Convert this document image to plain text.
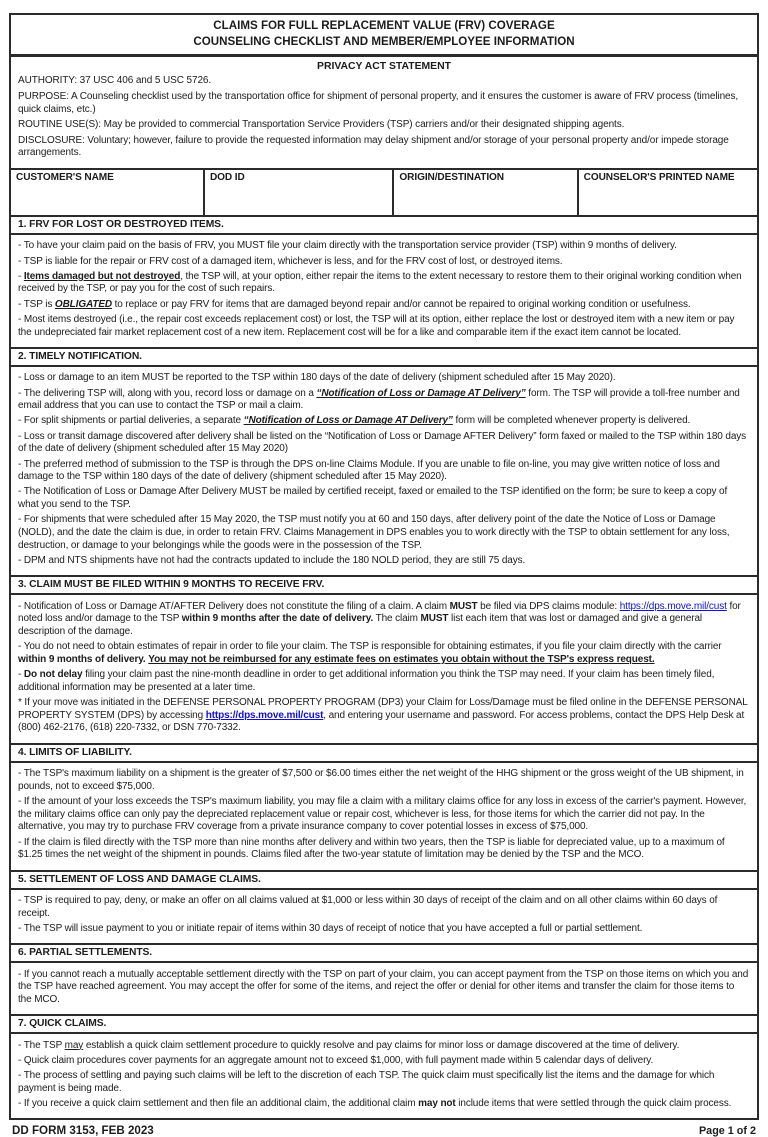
CLAIMS FOR FULL REPLACEMENT VALUE (FRV) COVERAGE
COUNSELING CHECKLIST AND MEMBER/EMPLOYEE INFORMATION
PRIVACY ACT STATEMENT

AUTHORITY: 37 USC 406 and 5 USC 5726.

PURPOSE: A Counseling checklist used by the transportation office for shipment of personal property, and it ensures the customer is aware of FRV process (timelines, quick claims, etc.)

ROUTINE USE(S): May be provided to commercial Transportation Service Providers (TSP) carriers and/or their designated shipping agents.

DISCLOSURE: Voluntary; however, failure to provide the requested information may delay shipment and/or storage of your personal property and/or impede storage arrangements.

CUSTOMER'S NAME	DOD ID	ORIGIN/DESTINATION	COUNSELOR'S PRINTED NAME
1. FRV FOR LOST OR DESTROYED ITEMS.

- To have your claim paid on the basis of FRV, you MUST file your claim directly with the transportation service provider (TSP) within 9 months of delivery.

- TSP is liable for the repair or FRV cost of a damaged item, whichever is less, and for the FRV cost of lost, or destroyed items.

- Items damaged but not destroyed, the TSP will, at your option, either repair the items to the extent necessary to restore them to their original working condition when received by the TSP, or pay you for the cost of such repairs.

- TSP is OBLIGATED to replace or pay FRV for items that are damaged beyond repair and/or cannot be repaired to original working condition or usefulness.

- Most items destroyed (i.e., the repair cost exceeds replacement cost) or lost, the TSP will at its option, either replace the lost or destroyed item with a new item or pay the undepreciated fair market replacement cost of a new item. Replacement cost will be for a like and comparable item if the exact item cannot be located.

2. TIMELY NOTIFICATION.

- Loss or damage to an item MUST be reported to the TSP within 180 days of the date of delivery (shipment scheduled after 15 May 2020).

- The delivering TSP will, along with you, record loss or damage on a “Notification of Loss or Damage AT Delivery” form. The TSP will provide a toll-free number and email address that you can use to contact the TSP or mail a claim.

- For split shipments or partial deliveries, a separate “Notification of Loss or Damage AT Delivery” form will be completed whenever property is delivered.

- Loss or transit damage discovered after delivery shall be listed on the “Notification of Loss or Damage AFTER Delivery” form faxed or mailed to the TSP within 180 days of the date of delivery (shipment scheduled after 15 May 2020)

- The preferred method of submission to the TSP is through the DPS on-line Claims Module. If you are unable to file on-line, you may give written notice of loss and damage to the TSP within 180 days of the date of delivery (shipment scheduled after 15 May 2020).

- The Notification of Loss or Damage After Delivery MUST be mailed by certified receipt, faxed or emailed to the TSP identified on the form; be sure to keep a copy of what you send to the TSP.

- For shipments that were scheduled after 15 May 2020, the TSP must notify you at 60 and 150 days, after delivery point of the date the Notice of Loss or Damage (NOLD), and the date the claim is due, in order to retain FRV. Claims Management in DPS enables you to work directly with the TSP to obtain settlement for any loss, destruction, or damage to your belongings while the goods were in the possession of the TSP.

- DPM and NTS shipments have not had the contracts updated to include the 180 NOLD period, they are still 75 days.

3. CLAIM MUST BE FILED WITHIN 9 MONTHS TO RECEIVE FRV.

- Notification of Loss or Damage AT/AFTER Delivery does not constitute the filing of a claim. A claim MUST be filed via DPS claims module: https://dps.move.mil/cust for noted loss and/or damage to the TSP within 9 months after the date of delivery. The claim MUST list each item that was lost or damaged and give a general description of the damage.

- You do not need to obtain estimates of repair in order to file your claim. The TSP is responsible for obtaining estimates, if you file your claim directly with the carrier within 9 months of delivery. You may not be reimbursed for any estimate fees on estimates you obtain without the TSP's express request.

- Do not delay filing your claim past the nine-month deadline in order to get additional information you think the TSP may need. If your claim has been timely filed, additional information may be presented at a later time.

* If your move was initiated in the DEFENSE PERSONAL PROPERTY PROGRAM (DP3) your Claim for Loss/Damage must be filed online in the DEFENSE PERSONAL PROPERTY SYSTEM (DPS) by accessing https://dps.move.mil/cust, and entering your username and password. For access problems, contact the DPS Help Desk at (800) 462-2176, (618) 220-7332, or DSN 770-7332.

4. LIMITS OF LIABILITY.

- The TSP's maximum liability on a shipment is the greater of $7,500 or $6.00 times either the net weight of the HHG shipment or the gross weight of the UB shipment, in pounds, not to exceed $75,000.

- If the amount of your loss exceeds the TSP's maximum liability, you may file a claim with a military claims office for any loss in excess of the carrier's payment. However, the military claims office can only pay the depreciated replacement value or repair cost, whichever is less, for those items for which the carrier did not pay. In the alternative, you may try to purchase FRV coverage from a private insurance company to cover potential losses in excess of $75,000.

- If the claim is filed directly with the TSP more than nine months after delivery and within two years, then the TSP is liable for depreciated value, up to a maximum of $1.25 times the net weight of the shipment in pounds. Claims filed after the two-year statute of limitation may be denied by the TSP and the MCO.

5. SETTLEMENT OF LOSS AND DAMAGE CLAIMS.

- TSP is required to pay, deny, or make an offer on all claims valued at $1,000 or less within 30 days of receipt of the claim and on all other claims within 60 days of receipt.

- The TSP will issue payment to you or initiate repair of items within 30 days of receipt of notice that you have accepted a full or partial settlement.

6. PARTIAL SETTLEMENTS.

- If you cannot reach a mutually acceptable settlement directly with the TSP on part of your claim, you can accept payment from the TSP on those items on which you and the TSP have reached agreement. You may accept the offer for some of the items, and reject the offer or denial for other items and transfer the claim for those items to the MCO.

7. QUICK CLAIMS.

- The TSP may establish a quick claim settlement procedure to quickly resolve and pay claims for minor loss or damage discovered at the time of delivery.

- Quick claim procedures cover payments for an aggregate amount not to exceed $1,000, with full payment made within 5 calendar days of delivery.

- The process of settling and paying such claims will be left to the discretion of each TSP. The quick claim must specifically list the items and the damage for which payment is being made.

- If you receive a quick claim settlement and then file an additional claim, the additional claim may not include items that were settled through the quick claim process.

DD FORM 3153, FEB 2023	Page 1 of 2
